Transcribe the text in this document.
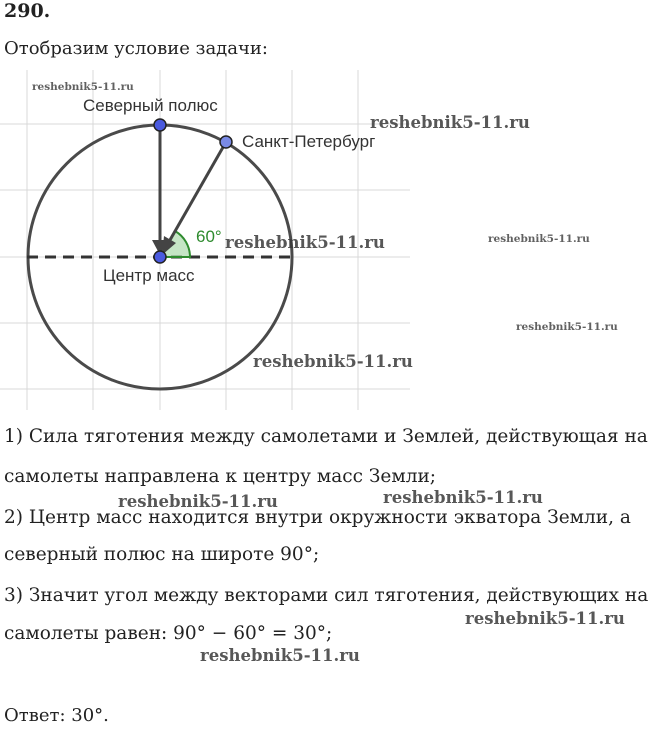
290.
Отобразим условие задачи:
Северный полюс
Санкт-Петербург
Центр масс
60°
1) Сила тяготения между самолетами и Землей, действующая на
самолеты направлена к центру масс Земли;
2) Центр масс находится внутри окружности экватора Земли, а
северный полюс на широте 90°;
3) Значит угол между векторами сил тяготения, действующих на
самолеты равен: 90° − 60° = 30°;
Ответ: 30°.
reshebnik5-11.ru
reshebnik5-11.ru
reshebnik5-11.ru	reshebnik5-11.ru
reshebnik5-11.ru
reshebnik5-11.ru
reshebnik5-11.ru	reshebnik5-11.ru
reshebnik5-11.ru
reshebnik5-11.ru
